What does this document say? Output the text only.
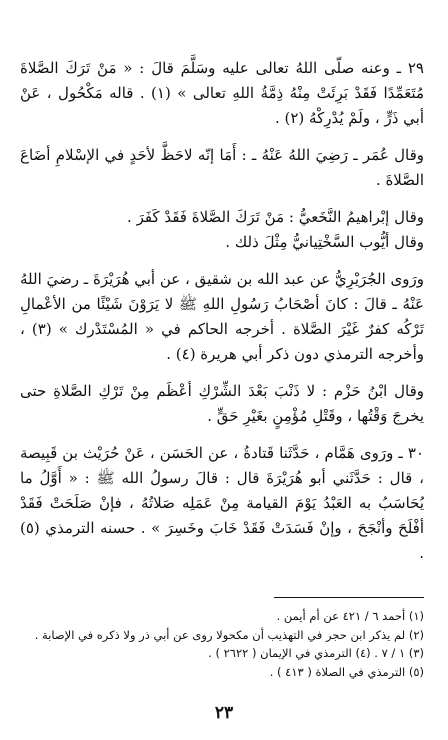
٢٩ ـ وعنه صلّى اللهُ تعالى عليه وسَلَّمَ قالَ : « مَنْ تَرَكَ الصَّلاةَ مُتَعَمِّدًا فَقَدْ بَرِئَتْ مِنْهُ ذِمَّةُ اللهِ تعالى » (١) . قاله مَكْحُول ، عَنْ أبي ذَرٍّ ، ولَمْ يُدْرِكْهُ (٢) .

وقال عُمَر ـ رَضِيَ اللهُ عَنْهُ ـ : أَمَا إنّه لاحَظَّ لأحَدٍ في الإسْلامِ أضَاعَ الصَّلاةَ .

وقال إبْراهيمُ النَّخَعيُّ : مَنْ تَرَكَ الصَّلاةَ فَقَدْ كَفَرَ .

وقال أيُّوب السَّخْتِيانيُّ مِثْلَ ذلك .

ورَوى الجُرَيْرِيُّ عن عبد الله بن شقيق ، عن أبي هُرَيْرَةَ ـ رضيَ اللهُ عَنْهُ ـ قالَ : كانَ أصْحَابُ رَسُولِ اللهِ ﷺ لا يَرَوْنَ شَيْئًا من الأعْمالِ تَرْكُه كفرٌ غَيْرَ الصَّلاة . أخرجه الحاكم في « المُسْتَدْرك » (٣) ، وأخرجه الترمذي دون ذكر أبي هريرة (٤) .

وقال ابْنُ حَزْم : لا ذَنْبَ بَعْدَ الشِّرْكِ أعْظَم مِنْ تَرْكِ الصَّلاةِ حتى يخرجَ وَقْتُها ، وقَتْلِ مُؤْمِنٍ بغَيْرِ حَقٍّ .

٣٠ ـ ورَوى هَمَّام ، حَدَّثَنا قَتادةُ ، عن الحَسَن ، عَنْ حُرَيْث بن قَبِيصة ، قال : حَدَّثَني أبو هُرَيْرَةَ قال : قالَ رسولُ الله ﷺ : « أَوَّلُ ما يُحَاسَبُ به العَبْدُ يَوْمَ القيامة مِنْ عَمَلِه صَلاتُهُ ، فإنْ صَلَحَتْ فَقَدْ أفْلَحَ وأنْجَحَ ، وإنْ فَسَدَتْ فَقَدْ خَابَ وخَسِرَ » . حسنه الترمذي (٥) .

(١) أحمد ٦ / ٤٢١ عن أم أيمن .
(٢) لم يذكر ابن حجر في التهذيب أن مكحولا روى عن أبي ذر ولا ذكره في الإصابة .
(٣) ١ / ٧ . (٤) الترمذي في الإيمان ( ٢٦٢٢ ) .
(٥) الترمذي في الصلاة ( ٤١٣ ) .
٢٣
